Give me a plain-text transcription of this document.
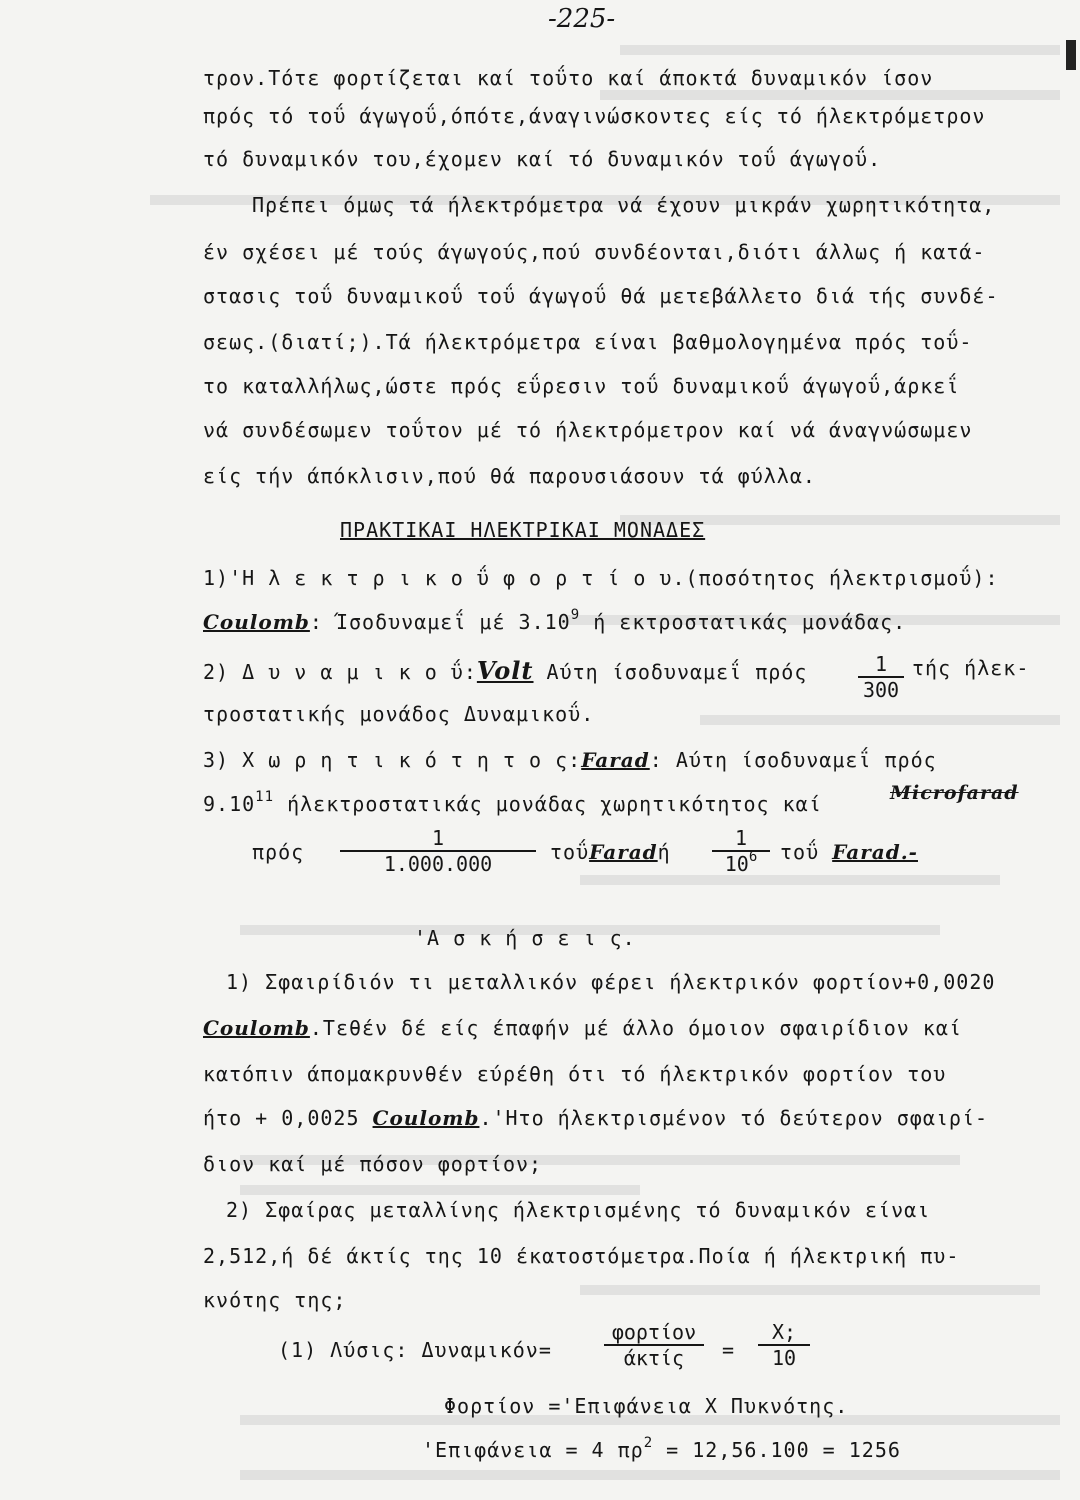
-225-
τρον.Τότε φορτίζεται καί τοΰτο καί άποκτά δυναμικόν ίσον
πρός τό τοΰ άγωγοΰ,όπότε,άναγινώσκοντες είς τό ήλεκτρόμετρον
τό δυναμικόν του,έχομεν καί τό δυναμικόν τοΰ άγωγοΰ.
Πρέπει όμως τά ήλεκτρόμετρα νά έχουν μικράν χωρητικότητα,
έν σχέσει μέ τούς άγωγούς,πού συνδέονται,διότι άλλως ή κατά-
στασις τοΰ δυναμικοΰ τοΰ άγωγοΰ θά μετεβάλλετο διά τής συνδέ-
σεως.(διατί;).Τά ήλεκτρόμετρα είναι βαθμολογημένα πρός τοΰ-
το καταλλήλως,ώστε πρός εΰρεσιν τοΰ δυναμικοΰ άγωγοΰ,άρκεΐ
νά συνδέσωμεν τοΰτον μέ τό ήλεκτρόμετρον καί νά άναγνώσωμεν
είς τήν άπόκλισιν,πού θά παρουσιάσουν τά φύλλα.
ΠΡΑΚΤΙΚΑΙ ΗΛΕΚΤΡΙΚΑΙ ΜΟΝΑΔΕΣ
1)'Η λ ε κ τ ρ ι κ ο ΰ φ ο ρ τ ί ο υ.(ποσότητος ήλεκτρισμοΰ):
Coulomb: Ίσοδυναμεΐ μέ 3.10$^9$ ή εκτροστατικάς μονάδας.
2) Δ υ ν α μ ι κ ο ΰ:Volt Αύτη ίσοδυναμεΐ πρός	$\frac{1}{300}$ τής ήλεκ-
τροστατικής μονάδος Δυναμικοΰ.
3) Χ ω ρ η τ ι κ ό τ η τ ο ς:Farad: Αύτη ίσοδυναμεΐ πρός
9.10$^{11}$ ήλεκτροστατικάς μονάδας χωρητικότητος καί	Microfarad
πρός $\frac{1}{1.000.000}$ τοΰFaradή $\frac{1}{10^6}$ τοΰ Farad.-
'Α σ κ ή σ ε ι ς.
1) Σφαιρίδιόν τι μεταλλικόν φέρει ήλεκτρικόν φορτίον+0,0020
Coulomb.Τεθέν δέ είς έπαφήν μέ άλλο όμοιον σφαιρίδιον καί
κατόπιν άπομακρυνθέν εύρέθη ότι τό ήλεκτρικόν φορτίον του
ήτο + 0,0025 Coulomb.'Ητο ήλεκτρισμένον τό δεύτερον σφαιρί-
διον καί μέ πόσον φορτίον;
2) Σφαίρας μεταλλίνης ήλεκτρισμένης τό δυναμικόν είναι
2,512,ή δέ άκτίς της 10 έκατοστόμετρα.Ποία ή ήλεκτρική πυ-
κνότης της;
(1) Λύσις: Δυναμικόν=
φορτίον
άκτίς	= $\frac{X;}{10}$
Φορτίον ='Επιφάνεια Χ Πυκνότης.
'Επιφάνεια = 4 $\pi\rho^2 = 12,56.100 = 1256$
